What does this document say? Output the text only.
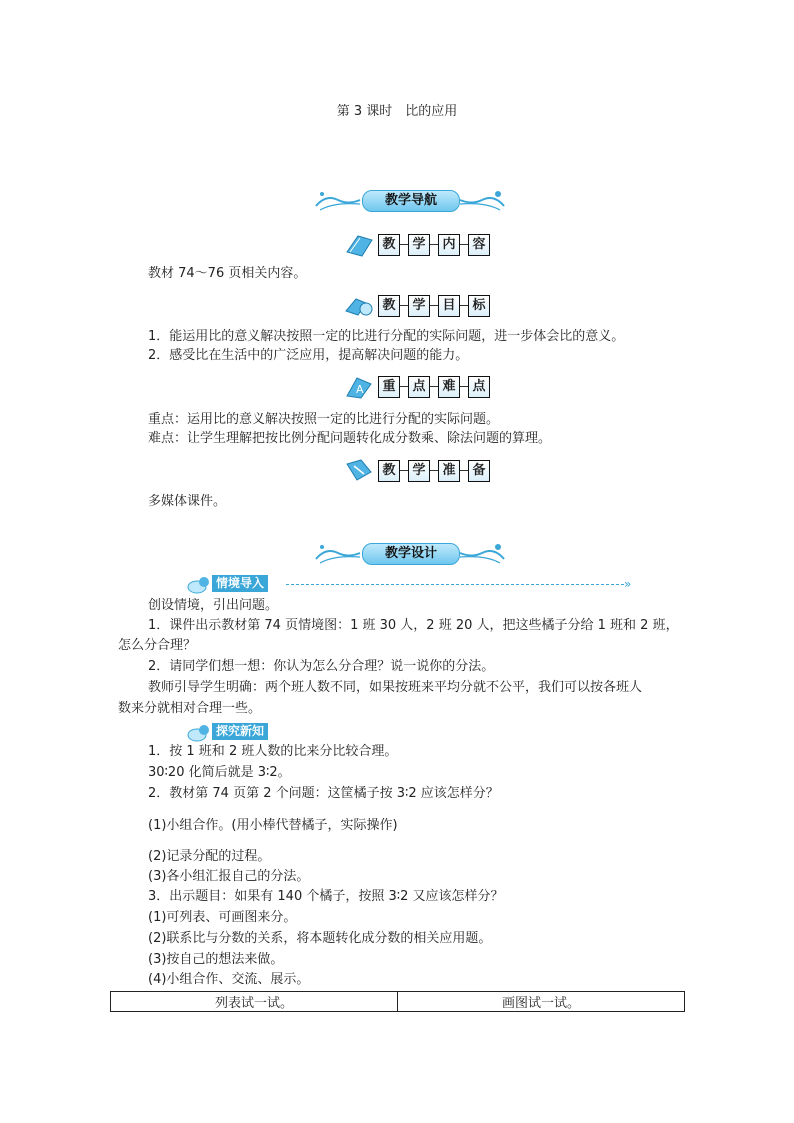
第 3 课时　比的应用
教学导航
教	学	内	容
教材 74～76 页相关内容。
教	学	目	标
1．能运用比的意义解决按照一定的比进行分配的实际问题，进一步体会比的意义。
2．感受比在生活中的广泛应用，提高解决问题的能力。
A	重	点	难	点
重点：运用比的意义解决按照一定的比进行分配的实际问题。
难点：让学生理解把按比例分配问题转化成分数乘、除法问题的算理。
教	学	准	备
多媒体课件。
教学设计
情境导入	»
创设情境，引出问题。
1．课件出示教材第 74 页情境图：1 班 30 人，2 班 20 人，把这些橘子分给 1 班和 2 班，
怎么分合理？
2．请同学们想一想：你认为怎么分合理？说一说你的分法。
教师引导学生明确：两个班人数不同，如果按班来平均分就不公平，我们可以按各班人
数来分就相对合理一些。
探究新知
1．按 1 班和 2 班人数的比来分比较合理。
30∶20 化简后就是 3∶2。
2．教材第 74 页第 2 个问题：这筐橘子按 3∶2 应该怎样分？
(1)小组合作。(用小棒代替橘子，实际操作)
(2)记录分配的过程。
(3)各小组汇报自己的分法。
3．出示题目：如果有 140 个橘子，按照 3∶2 又应该怎样分？
(1)可列表、可画图来分。
(2)联系比与分数的关系，将本题转化成分数的相关应用题。
(3)按自己的想法来做。
(4)小组合作、交流、展示。
列表试一试。	画图试一试。
